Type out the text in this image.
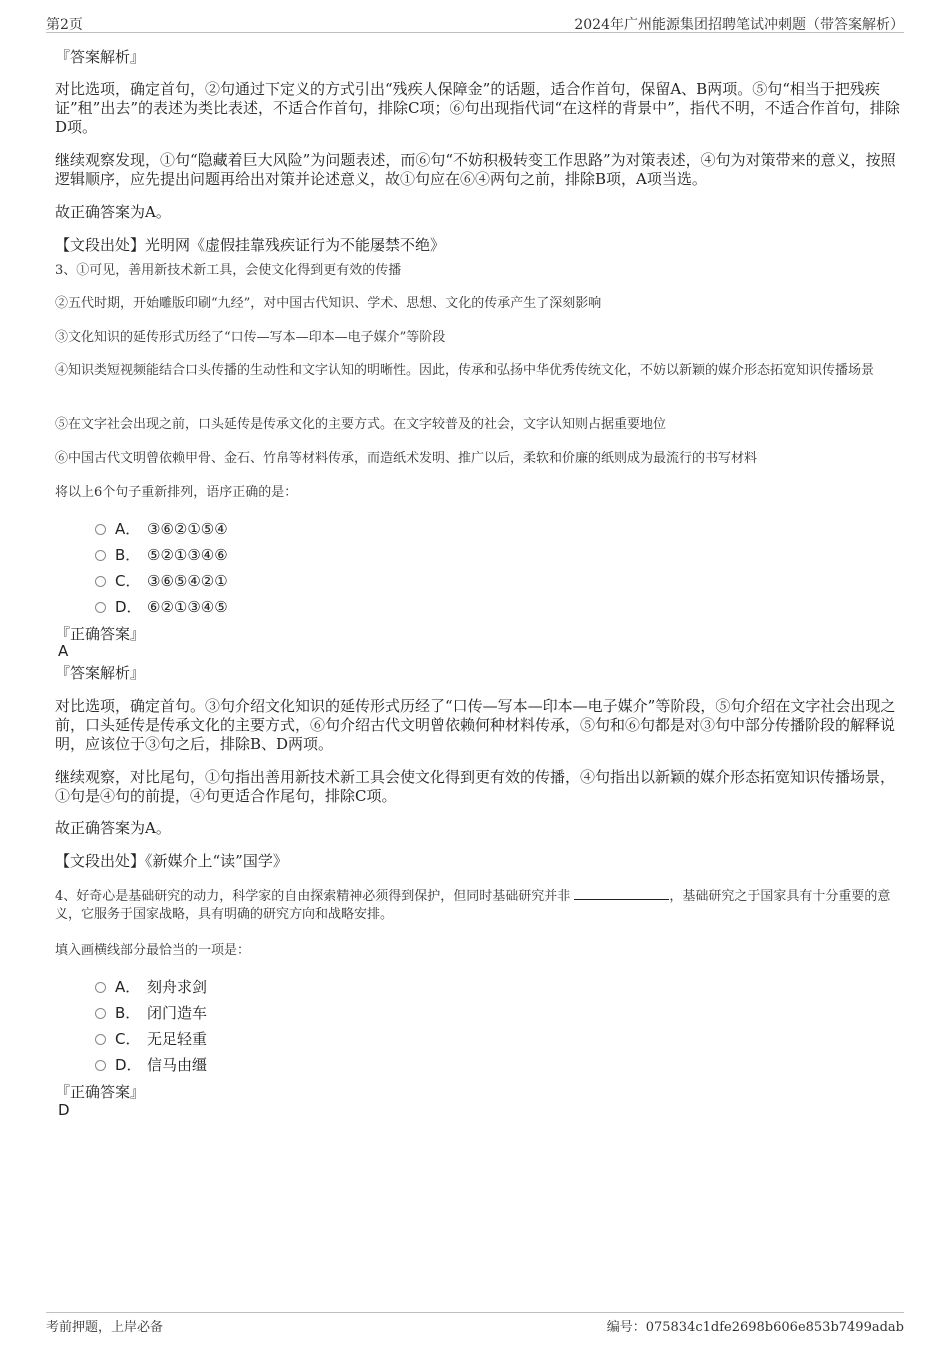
第2页	2024年广州能源集团招聘笔试冲刺题（带答案解析）
『答案解析』
对比选项，确定首句，②句通过下定义的方式引出“残疾人保障金”的话题，适合作首句，保留A、B两项。⑤句“相当于把残疾证”租”出去”的表述为类比表述，不适合作首句，排除C项；⑥句出现指代词“在这样的背景中”，指代不明，不适合作首句，排除D项。
继续观察发现，①句“隐藏着巨大风险”为问题表述，而⑥句“不妨积极转变工作思路”为对策表述，④句为对策带来的意义，按照逻辑顺序，应先提出问题再给出对策并论述意义，故①句应在⑥④两句之前，排除B项，A项当选。
故正确答案为A。
【文段出处】光明网《虚假挂靠残疾证行为不能屡禁不绝》
3、①可见，善用新技术新工具，会使文化得到更有效的传播
②五代时期，开始雕版印刷“九经”，对中国古代知识、学术、思想、文化的传承产生了深刻影响
③文化知识的延传形式历经了“口传—写本—印本—电子媒介”等阶段
④知识类短视频能结合口头传播的生动性和文字认知的明晰性。因此，传承和弘扬中华优秀传统文化，不妨以新颖的媒介形态拓宽知识传播场景
⑤在文字社会出现之前，口头延传是传承文化的主要方式。在文字较普及的社会，文字认知则占据重要地位
⑥中国古代文明曾依赖甲骨、金石、竹帛等材料传承，而造纸术发明、推广以后，柔软和价廉的纸则成为最流行的书写材料
将以上6个句子重新排列，语序正确的是：
A． ③⑥②①⑤④
B． ⑤②①③④⑥
C． ③⑥⑤④②①
D． ⑥②①③④⑤
『正确答案』
A
『答案解析』
对比选项，确定首句。③句介绍文化知识的延传形式历经了“口传—写本—印本—电子媒介”等阶段，⑤句介绍在文字社会出现之前，口头延传是传承文化的主要方式，⑥句介绍古代文明曾依赖何种材料传承，⑤句和⑥句都是对③句中部分传播阶段的解释说明，应该位于③句之后，排除B、D两项。
继续观察，对比尾句，①句指出善用新技术新工具会使文化得到更有效的传播，④句指出以新颖的媒介形态拓宽知识传播场景，①句是④句的前提，④句更适合作尾句，排除C项。
故正确答案为A。
【文段出处】《新媒介上“读”国学》
4、好奇心是基础研究的动力，科学家的自由探索精神必须得到保护，但同时基础研究并非	，基础研究之于国家具有十分重要的意义，它服务于国家战略，具有明确的研究方向和战略安排。
填入画横线部分最恰当的一项是：
A． 刻舟求剑
B． 闭门造车
C． 无足轻重
D． 信马由缰
『正确答案』
D
考前押题，上岸必备	编号：075834c1dfe2698b606e853b7499adab
